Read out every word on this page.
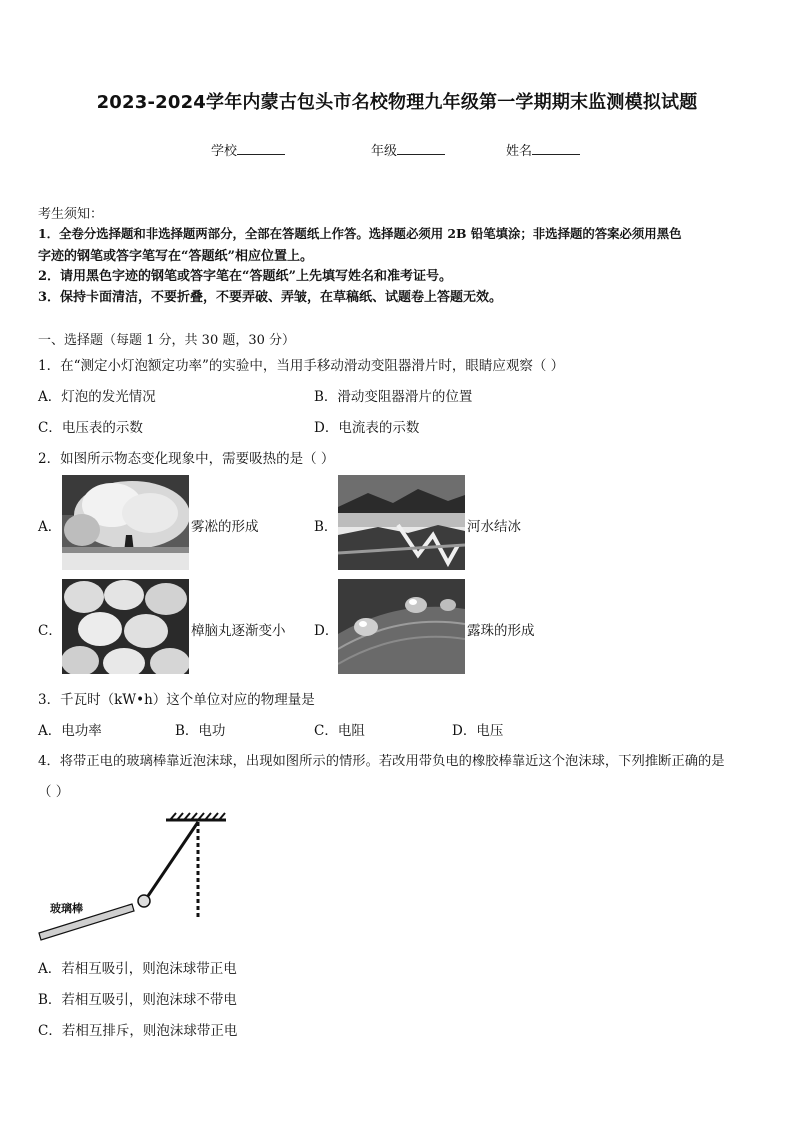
2023-2024学年内蒙古包头市名校物理九年级第一学期期末监测模拟试题
学校	年级	姓名
考生须知：
1．全卷分选择题和非选择题两部分，全部在答题纸上作答。选择题必须用 2B 铅笔填涂；非选择题的答案必须用黑色
字迹的钢笔或答字笔写在“答题纸”相应位置上。
2．请用黑色字迹的钢笔或答字笔在“答题纸”上先填写姓名和准考证号。
3．保持卡面清洁，不要折叠，不要弄破、弄皱，在草稿纸、试题卷上答题无效。
一、选择题（每题 1 分，共 30 题，30 分）
1．在“测定小灯泡额定功率”的实验中，当用手移动滑动变阻器滑片时，眼睛应观察（ ）
A．灯泡的发光情况	B．滑动变阻器滑片的位置
C．电压表的示数	D．电流表的示数
2．如图所示物态变化现象中，需要吸热的是（ ）
A．	雾凇的形成	B．	河水结冰
C．	樟脑丸逐渐变小 D．	露珠的形成
3．千瓦时（kW•h）这个单位对应的物理量是
A．电功率	B．电功	C．电阻	D．电压
4．将带正电的玻璃棒靠近泡沫球，出现如图所示的情形。若改用带负电的橡胶棒靠近这个泡沫球，下列推断正确的是
（ ）
玻璃棒
A．若相互吸引，则泡沫球带正电
B．若相互吸引，则泡沫球不带电
C．若相互排斥，则泡沫球带正电
